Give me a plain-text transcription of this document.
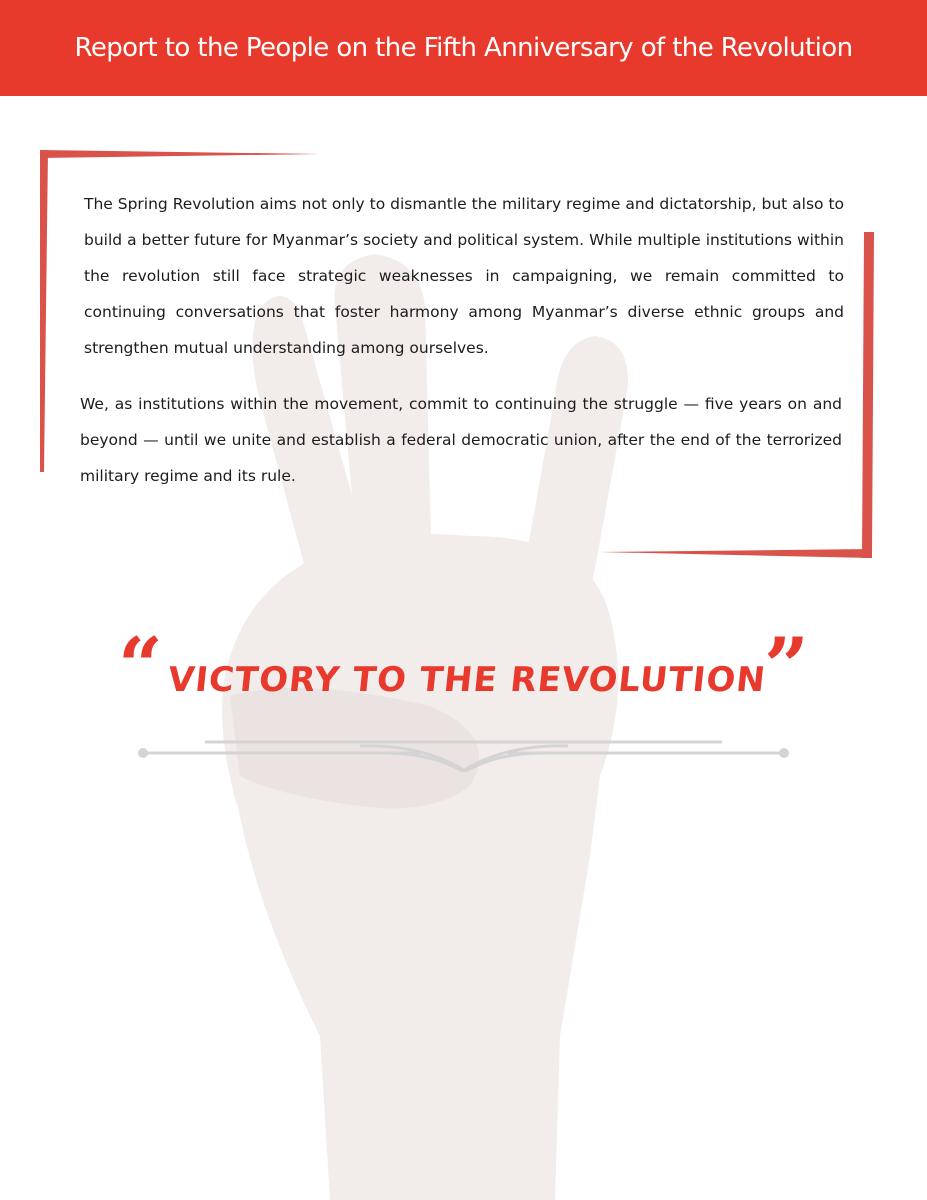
Report to the People on the Fifth Anniversary of the Revolution
The Spring Revolution aims not only to dismantle the military regime and dictatorship, but also to build a better future for Myanmar’s society and political system. While multiple institutions within the revolution still face strategic weaknesses in campaigning, we remain committed to continuing conversations that foster harmony among Myanmar’s diverse ethnic groups and strengthen mutual understanding among ourselves.
We, as institutions within the movement, commit to continuing the struggle — five years on and beyond — until we unite and establish a federal democratic union, after the end of the terrorized military regime and its rule.
“ VICTORY TO THE REVOLUTION
”
